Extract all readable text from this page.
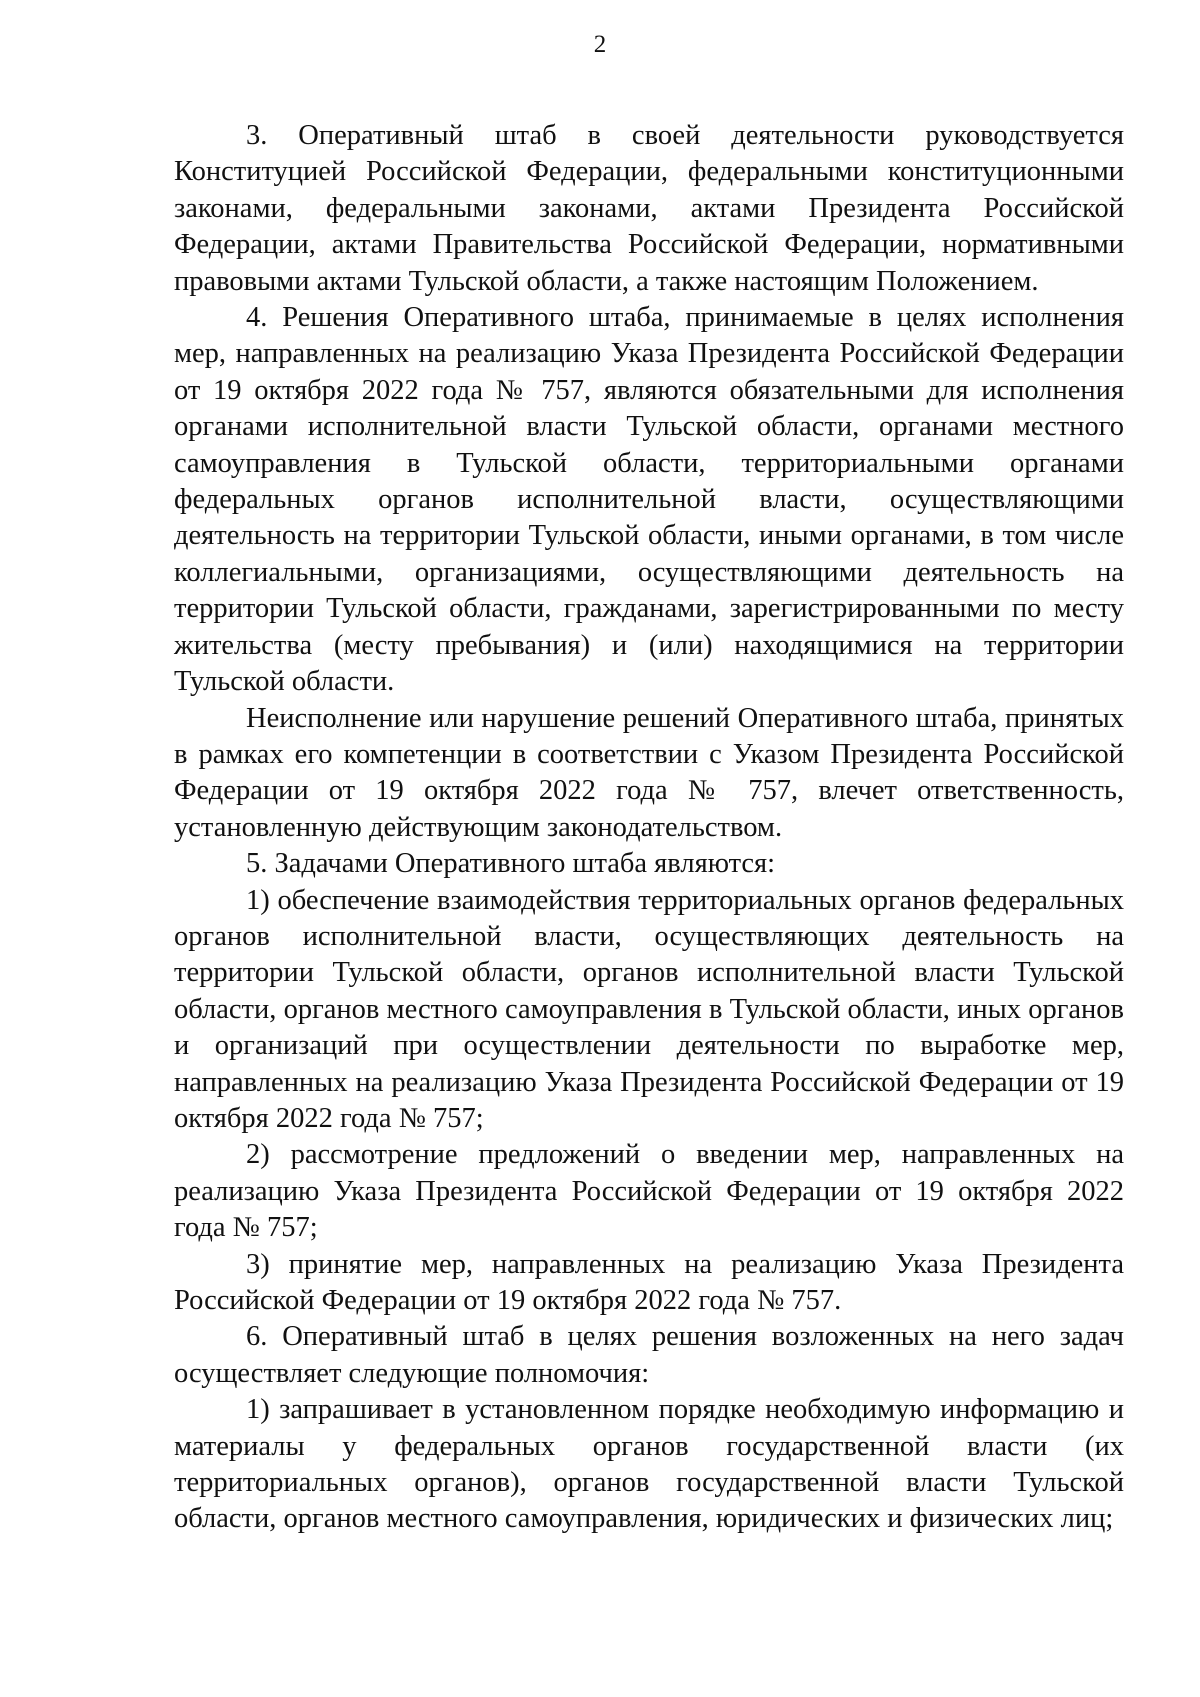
2

3. Оперативный штаб в своей деятельности руководствуется Конституцией Российской Федерации, федеральными конституционными законами, федеральными законами, актами Президента Российской Федерации, актами Правительства Российской Федерации, нормативными правовыми актами Тульской области, а также настоящим Положением.

4. Решения Оперативного штаба, принимаемые в целях исполнения мер, направленных на реализацию Указа Президента Российской Федерации от 19 октября 2022 года № 757, являются обязательными для исполнения органами исполнительной власти Тульской области, органами местного самоуправления в Тульской области, территориальными органами федеральных органов исполнительной власти, осуществляющими деятельность на территории Тульской области, иными органами, в том числе коллегиальными, организациями, осуществляющими деятельность на территории Тульской области, гражданами, зарегистрированными по месту жительства (месту пребывания) и (или) находящимися на территории Тульской области.

Неисполнение или нарушение решений Оперативного штаба, принятых в рамках его компетенции в соответствии с Указом Президента Российской Федерации от 19 октября 2022 года № 757, влечет ответственность, установленную действующим законодательством.

5. Задачами Оперативного штаба являются:

1) обеспечение взаимодействия территориальных органов федеральных органов исполнительной власти, осуществляющих деятельность на территории Тульской области, органов исполнительной власти Тульской области, органов местного самоуправления в Тульской области, иных органов и организаций при осуществлении деятельности по выработке мер, направленных на реализацию Указа Президента Российской Федерации от 19 октября 2022 года № 757;

2) рассмотрение предложений о введении мер, направленных на реализацию Указа Президента Российской Федерации от 19 октября 2022 года № 757;

3) принятие мер, направленных на реализацию Указа Президента Российской Федерации от 19 октября 2022 года № 757.

6. Оперативный штаб в целях решения возложенных на него задач осуществляет следующие полномочия:

1) запрашивает в установленном порядке необходимую информацию и материалы у федеральных органов государственной власти (их территориальных органов), органов государственной власти Тульской области, органов местного самоуправления, юридических и физических лиц;
